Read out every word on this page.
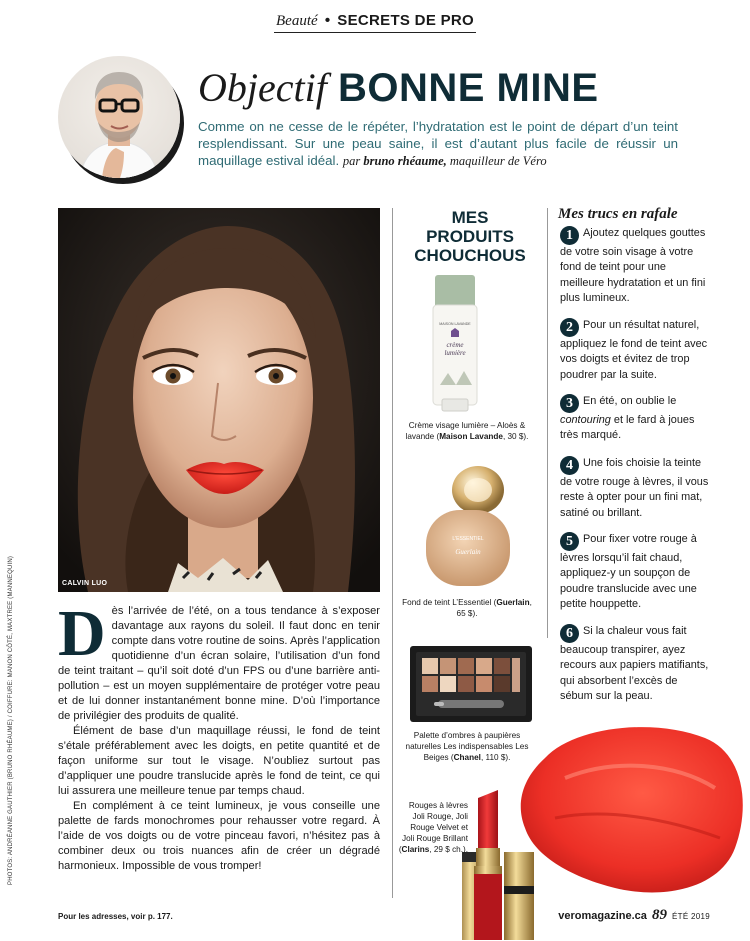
Beauté • SECRETS DE PRO
Objectif BONNE MINE

Comme on ne cesse de le répéter, l’hydratation est le point de départ d’un teint resplendissant. Sur une peau saine, il est d’autant plus facile de réussir un maquillage estival idéal. par bruno rhéaume, maquilleur de Véro

CALVIN LUO

Dès l’arrivée de l’été, on a tous tendance à s’exposer davantage aux rayons du soleil. Il faut donc en tenir compte dans votre routine de soins. Après l’application quotidienne d’un écran solaire, l’utilisation d’un fond de teint traitant – qu’il soit doté d’un FPS ou d’une barrière anti-pollution – est un moyen supplémentaire de protéger votre peau et de lui donner instantanément bonne mine. D’où l’importance de privilégier des produits de qualité.

Élément de base d’un maquillage réussi, le fond de teint s’étale préférablement avec les doigts, en petite quantité et de façon uniforme sur tout le visage. N’oubliez surtout pas d’appliquer une poudre translucide après le fond de teint, ce qui lui assurera une meilleure tenue par temps chaud.

En complément à ce teint lumineux, je vous conseille une palette de fards monochromes pour rehausser votre regard. À l’aide de vos doigts ou de votre pinceau favori, n’hésitez pas à combiner deux ou trois nuances afin de créer un dégradé harmonieux. Impossible de vous tromper!

MES
PRODUITS
CHOUCHOUS
MAISON LAVANDE
crème
lumière
Crème visage lumière – Aloès & lavande (Maison Lavande, 30 $).
L'ESSENTIEL
Guerlain
Fond de teint L’Essentiel (Guerlain, 65 $).
Palette d’ombres à paupières naturelles Les indispensables Les Beiges (Chanel, 110 $).
Rouges à lèvres Joli Rouge, Joli Rouge Velvet et Joli Rouge Brillant (Clarins, 29 $ ch.).
Mes trucs en rafale
1 Ajoutez quelques gouttes de votre soin visage à votre fond de teint pour une meilleure hydratation et un fini plus lumineux.
2 Pour un résultat naturel, appliquez le fond de teint avec vos doigts et évitez de trop poudrer par la suite.
3 En été, on oublie le contouring et le fard à joues très marqué.
4 Une fois choisie la teinte de votre rouge à lèvres, il vous reste à opter pour un fini mat, satiné ou brillant.
5 Pour fixer votre rouge à lèvres lorsqu’il fait chaud, appliquez-y un soupçon de poudre translucide avec une petite houppette.
6 Si la chaleur vous fait beaucoup transpirer, ayez recours aux papiers matifiants, qui absorbent l’excès de sébum sur la peau.
PHOTOS: ANDRÉANNE GAUTHIER (BRUNO RHÉAUME) / COIFFURE: MANON CÔTÉ, MAXTREE (MANNEQUIN)
Pour les adresses, voir p. 177.	veromagazine.ca 89 ÉTÉ 2019
